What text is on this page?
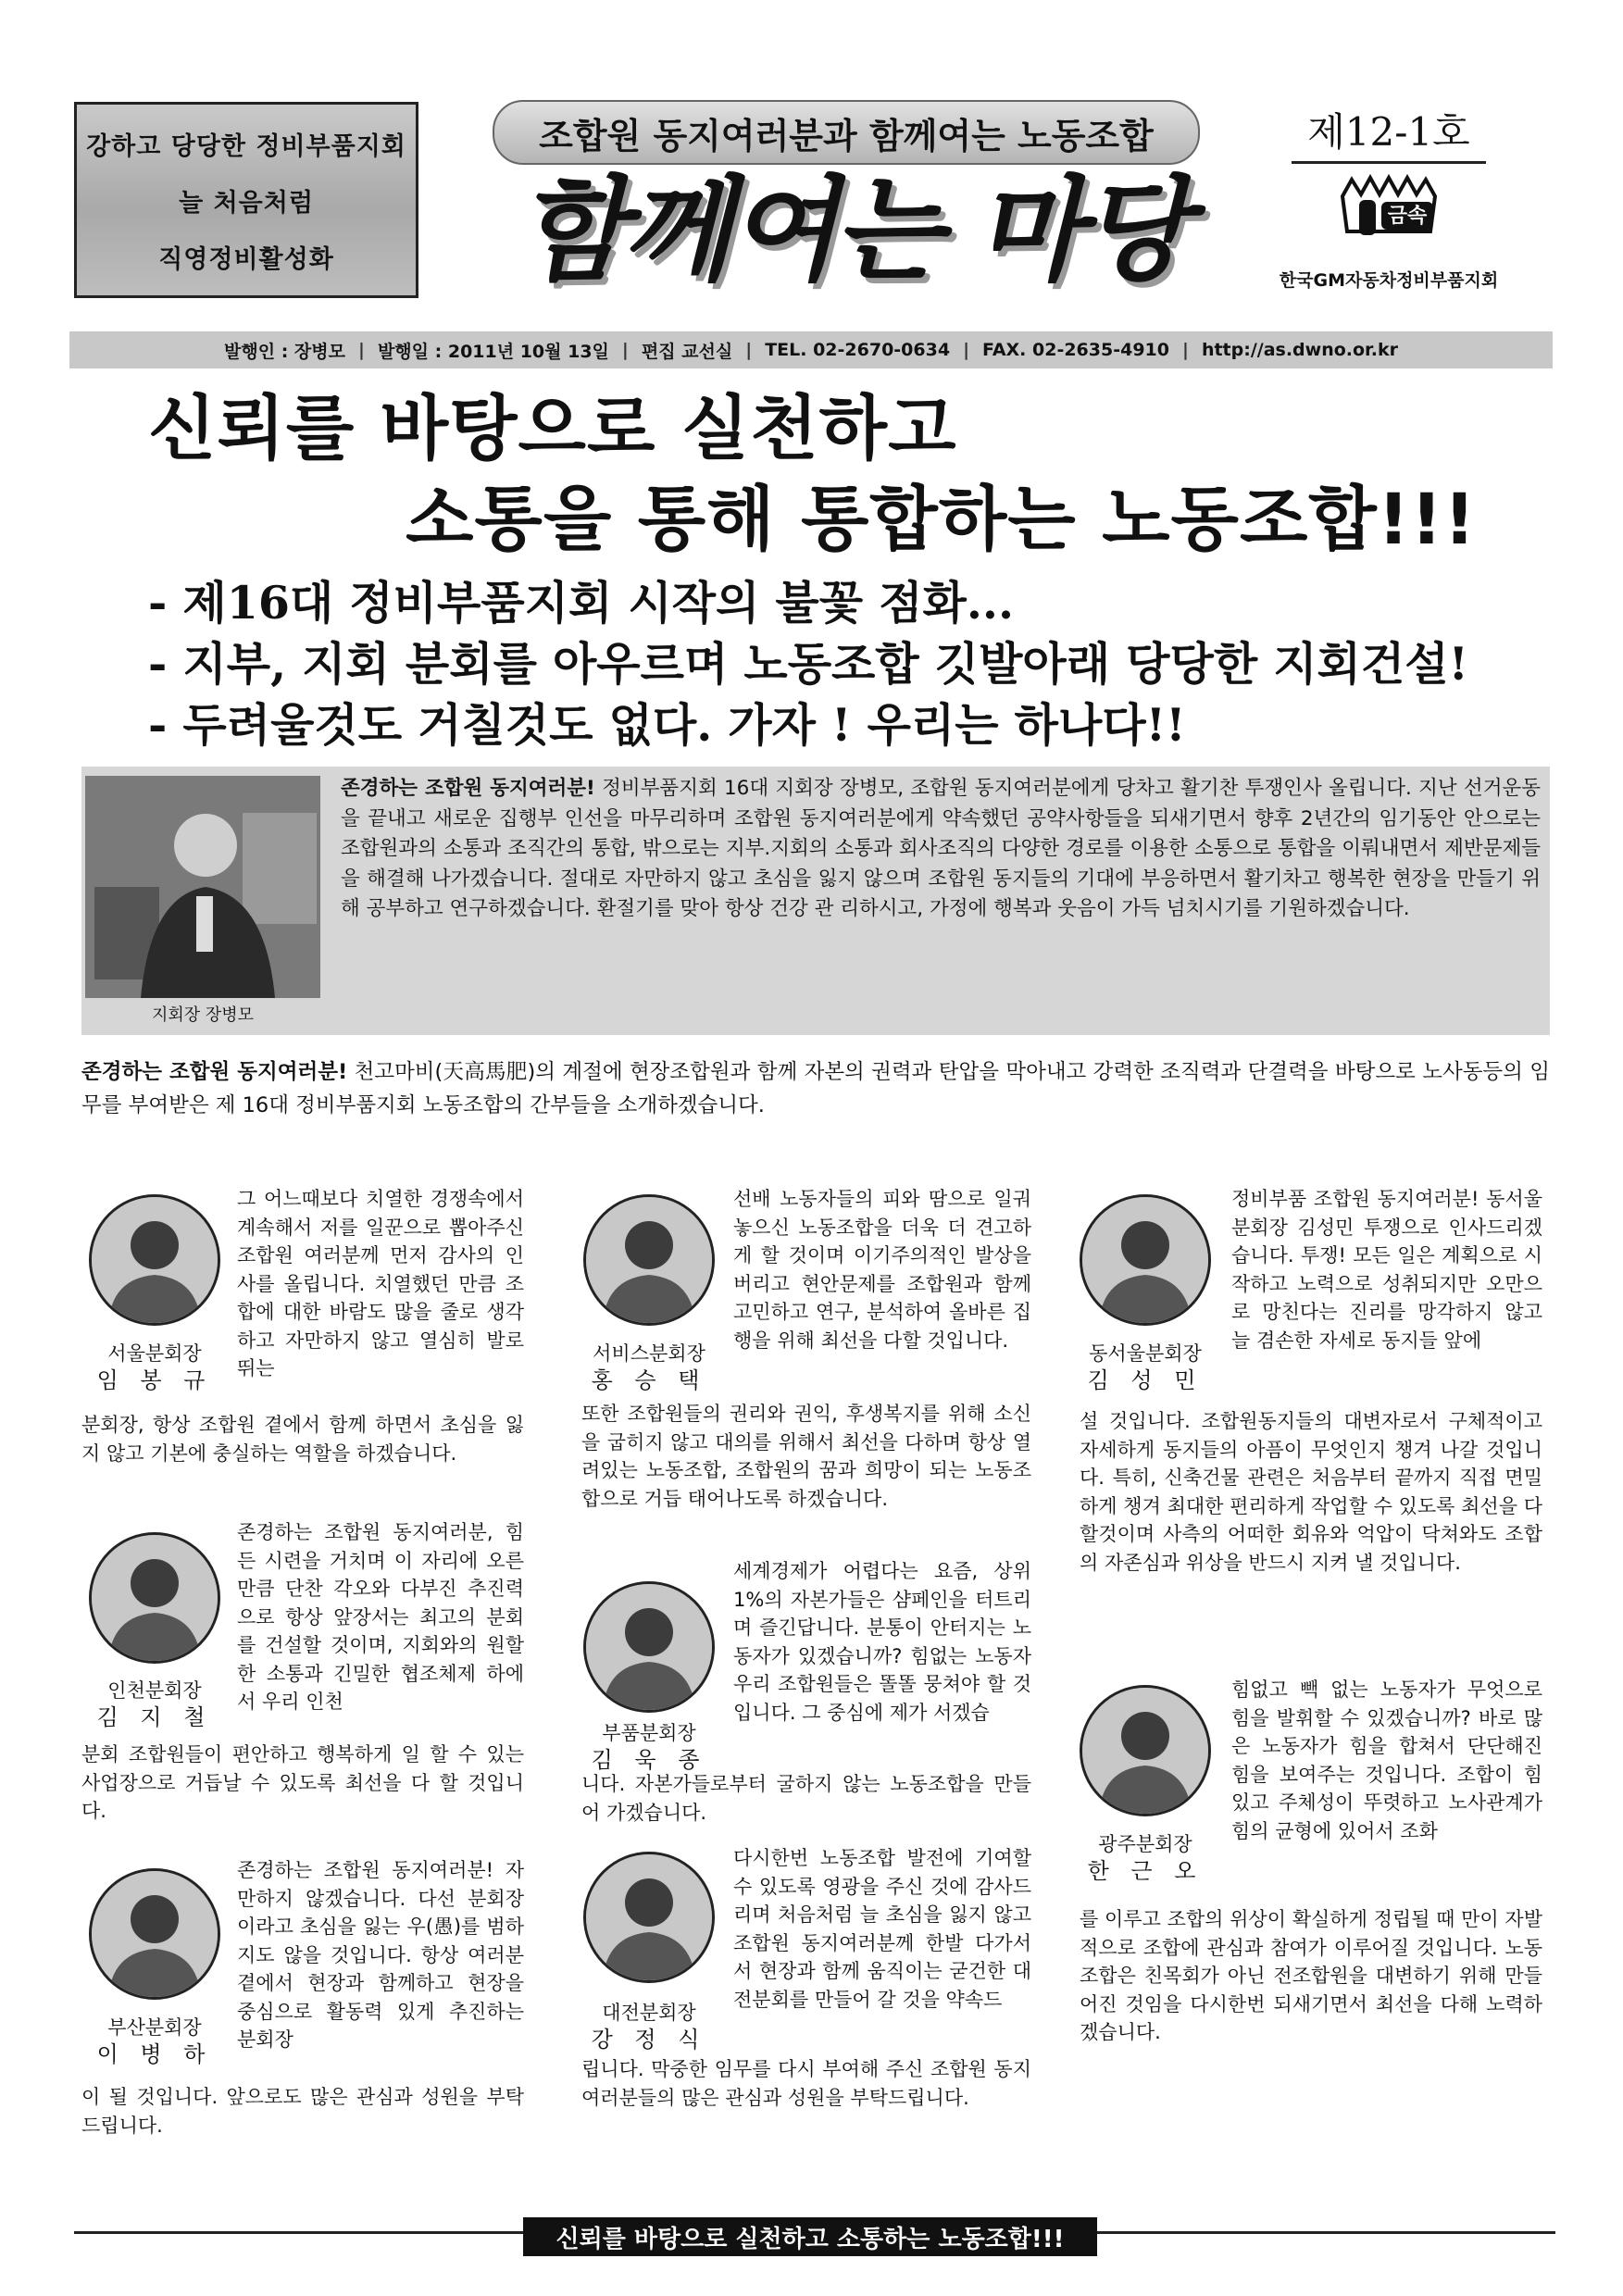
강하고 당당한 정비부품지회
늘 처음처럼
직영정비활성화
조합원 동지여러분과 함께여는 노동조합
함께여는 마당
제12-1호
금속
한국GM자동차정비부품지회
발행인 : 장병모 | 발행일 : 2011년 10월 13일 | 편집 교선실 | TEL. 02-2670-0634 | FAX. 02-2635-4910 | http://as.dwno.or.kr
신뢰를 바탕으로 실천하고
소통을 통해 통합하는 노동조합!!!
- 제16대 정비부품지회 시작의 불꽃 점화...
- 지부, 지회 분회를 아우르며 노동조합 깃발아래 당당한 지회건설!
- 두려울것도 거칠것도 없다. 가자 ! 우리는 하나다!!
지회장 장병모
존경하는 조합원 동지여러분! 정비부품지회 16대 지회장 장병모, 조합원 동지여러분에게 당차고 활기찬 투쟁인사 올립니다. 지난 선거운동을 끝내고 새로운 집행부 인선을 마무리하며 조합원 동지여러분에게 약속했던 공약사항들을 되새기면서 향후 2년간의 임기동안 안으로는 조합원과의 소통과 조직간의 통합, 밖으로는 지부.지회의 소통과 회사조직의 다양한 경로를 이용한 소통으로 통합을 이뤄내면서 제반문제들을 해결해 나가겠습니다. 절대로 자만하지 않고 초심을 잃지 않으며 조합원 동지들의 기대에 부응하면서 활기차고 행복한 현장을 만들기 위해 공부하고 연구하겠습니다. 환절기를 맞아 항상 건강 관 리하시고, 가정에 행복과 웃음이 가득 넘치시기를 기원하겠습니다.
존경하는 조합원 동지여러분! 천고마비(天高馬肥)의 계절에 현장조합원과 함께 자본의 권력과 탄압을 막아내고 강력한 조직력과 단결력을 바탕으로 노사동등의 임무를 부여받은 제 16대 정비부품지회 노동조합의 간부들을 소개하겠습니다.
서울분회장
임 봉 규
그 어느때보다 치열한 경쟁속에서 계속해서 저를 일꾼으로 뽑아주신 조합원 여러분께 먼저 감사의 인사를 올립니다. 치열했던 만큼 조합에 대한 바람도 많을 줄로 생각하고 자만하지 않고 열심히 발로 뛰는
분회장, 항상 조합원 곁에서 함께 하면서 초심을 잃지 않고 기본에 충실하는 역할을 하겠습니다.
인천분회장
김 지 철
존경하는 조합원 동지여러분, 힘든 시련을 거치며 이 자리에 오른 만큼 단찬 각오와 다부진 추진력으로 항상 앞장서는 최고의 분회를 건설할 것이며, 지회와의 원할한 소통과 긴밀한 협조체제 하에서 우리 인천
분회 조합원들이 편안하고 행복하게 일 할 수 있는 사업장으로 거듭날 수 있도록 최선을 다 할 것입니다.
부산분회장
이 병 하
존경하는 조합원 동지여러분! 자만하지 않겠습니다. 다선 분회장이라고 초심을 잃는 우(愚)를 범하지도 않을 것입니다. 항상 여러분 곁에서 현장과 함께하고 현장을 중심으로 활동력 있게 추진하는 분회장
이 될 것입니다. 앞으로도 많은 관심과 성원을 부탁드립니다.
서비스분회장
홍 승 택
선배 노동자들의 피와 땀으로 일궈 놓으신 노동조합을 더욱 더 견고하게 할 것이며 이기주의적인 발상을 버리고 현안문제를 조합원과 함께 고민하고 연구, 분석하여 올바른 집행을 위해 최선을 다할 것입니다.
또한 조합원들의 권리와 권익, 후생복지를 위해 소신을 굽히지 않고 대의를 위해서 최선을 다하며 항상 열려있는 노동조합, 조합원의 꿈과 희망이 되는 노동조합으로 거듭 태어나도록 하겠습니다.
부품분회장
김 욱 종
세계경제가 어렵다는 요즘, 상위 1%의 자본가들은 샴페인을 터트리며 즐긴답니다. 분통이 안터지는 노동자가 있겠습니까? 힘없는 노동자 우리 조합원들은 똘똘 뭉쳐야 할 것입니다. 그 중심에 제가 서겠습
니다. 자본가들로부터 굴하지 않는 노동조합을 만들어 가겠습니다.
대전분회장
강 정 식
다시한번 노동조합 발전에 기여할 수 있도록 영광을 주신 것에 감사드리며 처음처럼 늘 초심을 잃지 않고 조합원 동지여러분께 한발 다가서서 현장과 함께 움직이는 굳건한 대전분회를 만들어 갈 것을 약속드
립니다. 막중한 임무를 다시 부여해 주신 조합원 동지여러분들의 많은 관심과 성원을 부탁드립니다.
동서울분회장
김 성 민
정비부품 조합원 동지여러분! 동서울분회장 김성민 투쟁으로 인사드리겠습니다. 투쟁! 모든 일은 계획으로 시작하고 노력으로 성취되지만 오만으로 망친다는 진리를 망각하지 않고 늘 겸손한 자세로 동지들 앞에
설 것입니다. 조합원동지들의 대변자로서 구체적이고 자세하게 동지들의 아픔이 무엇인지 챙겨 나갈 것입니다. 특히, 신축건물 관련은 처음부터 끝까지 직접 면밀하게 챙겨 최대한 편리하게 작업할 수 있도록 최선을 다할것이며 사측의 어떠한 회유와 억압이 닥쳐와도 조합의 자존심과 위상을 반드시 지켜 낼 것입니다.
광주분회장
한 근 오
힘없고 빽 없는 노동자가 무엇으로 힘을 발휘할 수 있겠습니까? 바로 많은 노동자가 힘을 합쳐서 단단해진 힘을 보여주는 것입니다. 조합이 힘 있고 주체성이 뚜렷하고 노사관계가 힘의 균형에 있어서 조화
를 이루고 조합의 위상이 확실하게 정립될 때 만이 자발적으로 조합에 관심과 참여가 이루어질 것입니다. 노동조합은 친목회가 아닌 전조합원을 대변하기 위해 만들어진 것임을 다시한번 되새기면서 최선을 다해 노력하겠습니다.
신뢰를 바탕으로 실천하고 소통하는 노동조합!!!
